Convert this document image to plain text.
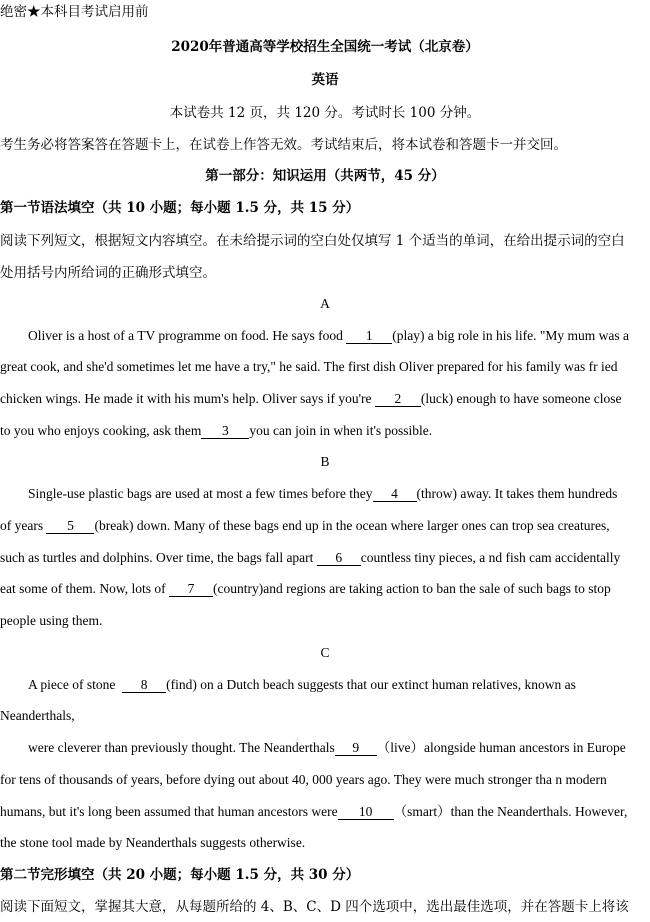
绝密★本科目考试启用前
2020年普通高等学校招生全国统一考试（北京卷）
英语
本试卷共 12 页，共 120 分。考试时长 100 分钟。
考生务必将答案答在答题卡上，在试卷上作答无效。考试结束后，将本试卷和答题卡一并交回。
第一部分：知识运用（共两节，45 分）
第一节语法填空（共 10 小题；每小题 1.5 分，共 15 分）
阅读下列短文，根据短文内容填空。在未给提示词的空白处仅填写 1 个适当的单词，在给出提示词的空白
处用括号内所给词的正确形式填空。
A
Oliver is a host of a TV programme on food. He says food 1 (play) a big role in his life. "My mum was a
great cook, and she'd sometimes let me have a try," he said. The first dish Oliver prepared for his family was fr ied
chicken wings. He made it with his mum's help. Oliver says if you're 2 (luck) enough to have someone close
to you who enjoys cooking, ask them 3 you can join in when it's possible.
B
Single-use plastic bags are used at most a few times before they 4 (throw) away. It takes them hundreds
of years 5 (break) down. Many of these bags end up in the ocean where larger ones can trop sea creatures,
such as turtles and dolphins. Over time, the bags fall apart 6 countless tiny pieces, a nd fish cam accidentally
eat some of them. Now, lots of 7 (country)and regions are taking action to ban the sale of such bags to stop
people using them.
C
A piece of stone 8 (find) on a Dutch beach suggests that our extinct human relatives, known as
Neanderthals,
were cleverer than previously thought. The Neanderthals 9 （live）alongside human ancestors in Europe
for tens of thousands of years, before dying out about 40, 000 years ago. They were much stronger tha n modern
humans, but it's long been assumed that human ancestors were 10 （smart）than the Neanderthals. However,
the stone tool made by Neanderthals suggests otherwise.
第二节完形填空（共 20 小题；每小题 1.5 分，共 30 分）
阅读下面短文，掌握其大意，从每题所给的 4、B、C、D 四个选项中，选出最佳选项，并在答题卡上将该
